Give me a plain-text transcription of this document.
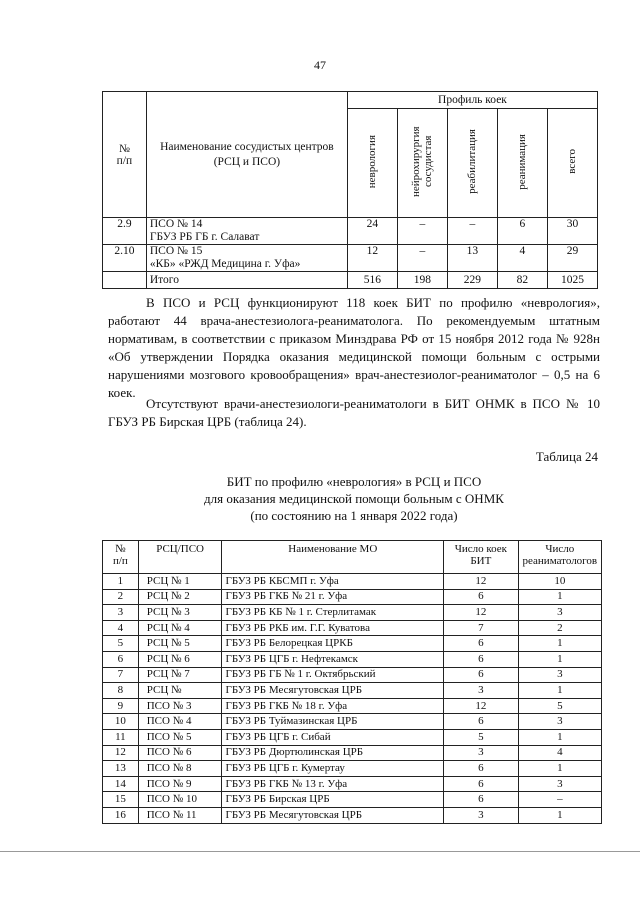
47
№
п/п	Наименование сосудистых центров (РСЦ и ПСО)	Профиль коек				
		неврология	нейрохирургия сосудистая	реабилитация	реанимация	всего
2.9	ПСО № 14
ГБУЗ РБ ГБ г. Салават	24	–	–	6	30
2.10	ПСО № 15
«КБ» «РЖД Медицина г. Уфа»	12	–	13	4	29
	Итого	516	198	229	82	1025

В ПСО и РСЦ функционируют 118 коек БИТ по профилю «неврология», работают 44 врача-анестезиолога-реаниматолога. По рекомендуемым штатным нормативам, в соответствии с приказом Минздрава РФ от 15 ноября 2012 года № 928н «Об утверждении Порядка оказания медицинской помощи больным с острыми нарушениями мозгового кровообращения» врач-анестезиолог-реаниматолог – 0,5 на 6 коек.

Отсутствуют врачи-анестезиологи-реаниматологи в БИТ ОНМК в ПСО № 10 ГБУЗ РБ Бирская ЦРБ (таблица 24).

Таблица 24
БИТ по профилю «неврология» в РСЦ и ПСО
для оказания медицинской помощи больным с ОНМК
(по состоянию на 1 января 2022 года)
№
п/п	РСЦ/ПСО	Наименование МО	Число коек БИТ	Число реаниматологов
1	РСЦ № 1	ГБУЗ РБ КБСМП г. Уфа	12	10
2	РСЦ № 2	ГБУЗ РБ ГКБ № 21 г. Уфа	6	1
3	РСЦ № 3	ГБУЗ РБ КБ № 1 г. Стерлитамак	12	3
4	РСЦ № 4	ГБУЗ РБ РКБ им. Г.Г. Куватова	7	2
5	РСЦ № 5	ГБУЗ РБ Белорецкая ЦРКБ	6	1
6	РСЦ № 6	ГБУЗ РБ ЦГБ г. Нефтекамск	6	1
7	РСЦ № 7	ГБУЗ РБ ГБ № 1 г. Октябрьский	6	3
8	РСЦ №	ГБУЗ РБ Месягутовская ЦРБ	3	1
9	ПСО № 3	ГБУЗ РБ ГКБ № 18 г. Уфа	12	5
10	ПСО № 4	ГБУЗ РБ Туймазинская ЦРБ	6	3
11	ПСО № 5	ГБУЗ РБ ЦГБ г. Сибай	5	1
12	ПСО № 6	ГБУЗ РБ Дюртюлинская ЦРБ	3	4
13	ПСО № 8	ГБУЗ РБ ЦГБ г. Кумертау	6	1
14	ПСО № 9	ГБУЗ РБ ГКБ № 13 г. Уфа	6	3
15	ПСО № 10	ГБУЗ РБ Бирская ЦРБ	6	–
16	ПСО № 11	ГБУЗ РБ Месягутовская ЦРБ	3	1
